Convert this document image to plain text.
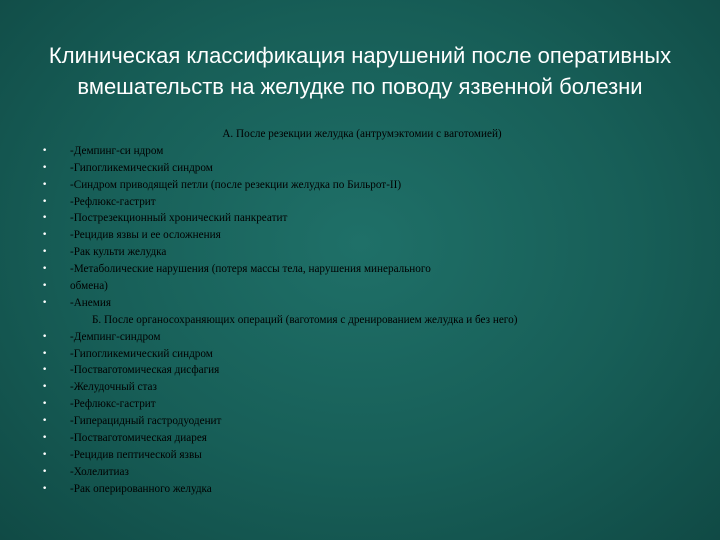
Клиническая классификация нарушений после оперативных вмешательств на желудке по поводу язвенной болезни
А. После резекции желудка (антрумэктомии с ваготомией)
•	-Демпинг-си ндром
•	-Гипогликемический синдром
•	-Синдром приводящей петли (после резекции желудка по Бильрот-II)
•	-Рефлюкс-гастрит
•	-Пострезекционный хронический панкреатит
•	-Рецидив язвы и ее осложнения
•	-Рак культи желудка
•	-Метаболические нарушения (потеря массы тела, нарушения минерального
•	обмена)
•	-Анемия
Б. После органосохраняющих операций (ваготомия с дренированием желудка и без него)
•	-Демпинг-синдром
•	-Гипогликемический синдром
•	-Постваготомическая дисфагия
•	-Желудочный стаз
•	-Рефлюкс-гастрит
•	-Гиперацидный гастродуоденит
•	-Постваготомическая диарея
•	-Рецидив пептической язвы
•	-Холелитиаз
•	-Рак оперированного желудка
